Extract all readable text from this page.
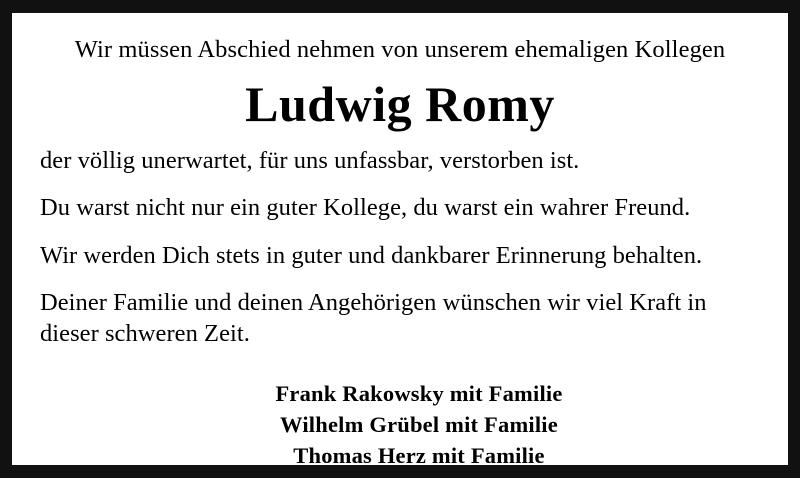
Wir müssen Abschied nehmen von unserem ehemaligen Kollegen
Ludwig Romy
der völlig unerwartet, für uns unfassbar, verstorben ist.
Du warst nicht nur ein guter Kollege, du warst ein wahrer Freund.
Wir werden Dich stets in guter und dankbarer Erinnerung behalten.
Deiner Familie und deinen Angehörigen wünschen wir viel Kraft in dieser schweren Zeit.
Frank Rakowsky mit Familie
Wilhelm Grübel mit Familie
Thomas Herz mit Familie
